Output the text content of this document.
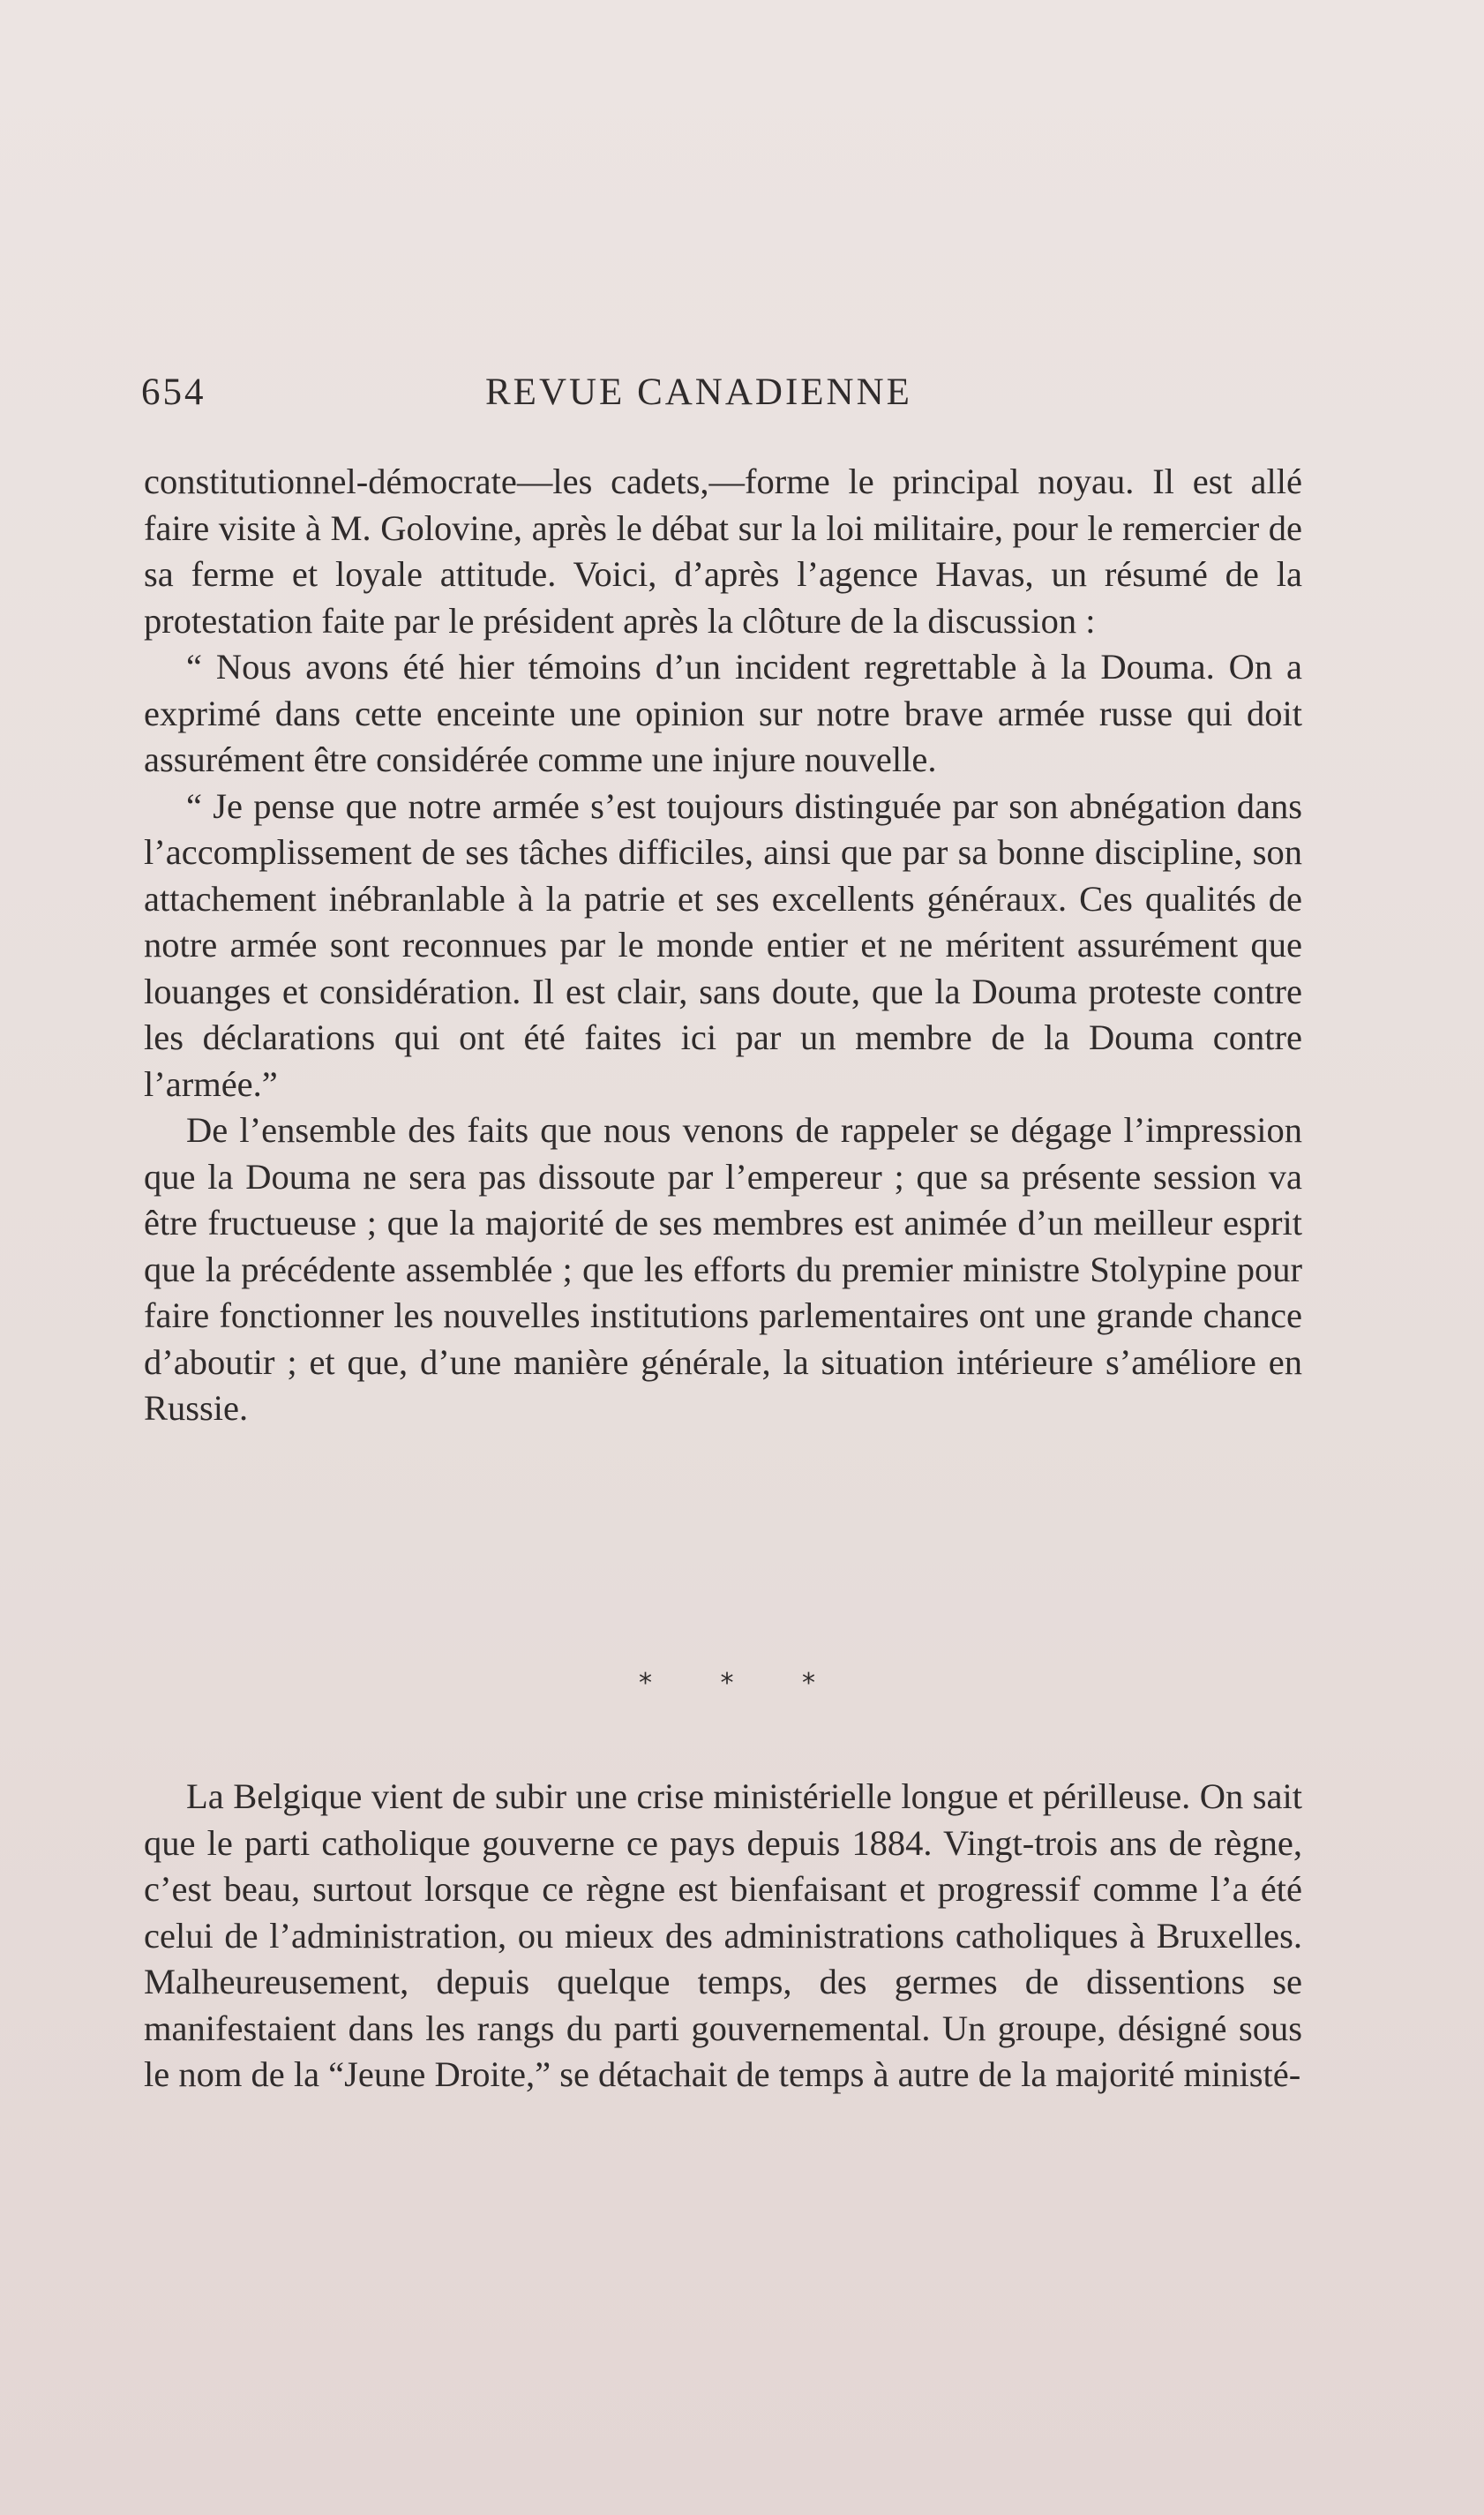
654	REVUE CANADIENNE

constitutionnel-démocrate—les cadets,—forme le principal noyau. Il est allé faire visite à M. Golovine, après le débat sur la loi militaire, pour le remercier de sa ferme et loyale attitude. Voici, d’après l’agence Havas, un résumé de la protestation faite par le président après la clôture de la discussion :

“ Nous avons été hier témoins d’un incident regrettable à la Douma. On a exprimé dans cette enceinte une opinion sur notre brave armée russe qui doit assurément être considérée comme une injure nouvelle.

“ Je pense que notre armée s’est toujours distinguée par son abnégation dans l’accomplissement de ses tâches difficiles, ainsi que par sa bonne discipline, son attachement inébranlable à la patrie et ses excellents généraux. Ces qualités de notre armée sont reconnues par le monde entier et ne méritent assurément que louanges et considération. Il est clair, sans doute, que la Douma proteste contre les déclarations qui ont été faites ici par un membre de la Douma contre l’armée.”

De l’ensemble des faits que nous venons de rappeler se dégage l’impression que la Douma ne sera pas dissoute par l’empereur ; que sa présente session va être fructueuse ; que la majorité de ses membres est animée d’un meilleur esprit que la précédente assemblée ; que les efforts du premier ministre Stolypine pour faire fonctionner les nouvelles institutions parlementaires ont une grande chance d’aboutir ; et que, d’une manière générale, la situation intérieure s’améliore en Russie.

* * *

La Belgique vient de subir une crise ministérielle longue et périlleuse. On sait que le parti catholique gouverne ce pays depuis 1884. Vingt-trois ans de règne, c’est beau, surtout lorsque ce règne est bienfaisant et progressif comme l’a été celui de l’administration, ou mieux des administrations catholiques à Bruxelles. Malheureusement, depuis quelque temps, des germes de dissentions se manifestaient dans les rangs du parti gouvernemental. Un groupe, désigné sous le nom de la “Jeune Droite,” se détachait de temps à autre de la majorité ministé-
